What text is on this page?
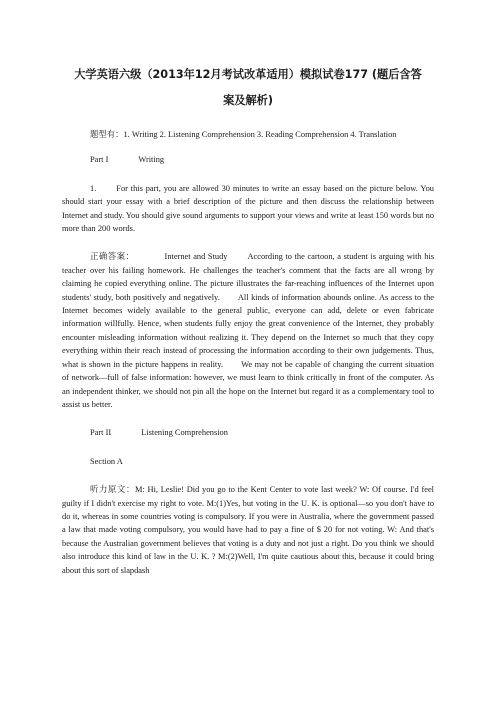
大学英语六级（2013年12月考试改革适用）模拟试卷177 (题后含答
案及解析)

题型有：1. Writing 2. Listening Comprehension 3. Reading Comprehension 4. Translation

Part I	Writing

1. For this part, you are allowed 30 minutes to write an essay based on the picture below. You should start your essay with a brief description of the picture and then discuss the relationship between Internet and study. You should give sound arguments to support your views and write at least 150 words but no more than 200 words.

正确答案：	Internet and Study According to the cartoon, a student is arguing with his teacher over his failing homework. He challenges the teacher's comment that the facts are all wrong by claiming he copied everything online. The picture illustrates the far-reaching influences of the Internet upon students' study, both positively and negatively.　　All kinds of information abounds online. As access to the Internet becomes widely available to the general public, everyone can add, delete or even fabricate information willfully. Hence, when students fully enjoy the great convenience of the Internet, they probably encounter misleading information without realizing it. They depend on the Internet so much that they copy everything within their reach instead of processing the information according to their own judgements. Thus, what is shown in the picture happens in reality.　　We may not be capable of changing the current situation of network—full of false information: however, we must learn to think critically in front of the computer. As an independent thinker, we should not pin all the hope on the Internet but regard it as a complementary tool to assist us better.

Part II	Listening Comprehension

Section A

听力原文：M: Hi, Leslie! Did you go to the Kent Center to vote last week? W: Of course. I'd feel guilty if I didn't exercise my right to vote. M:(1)Yes, but voting in the U. K. is optional—so you don't have to do it, whereas in some countries voting is compulsory. If you were in Australia, where the government passed a law that made voting compulsory, you would have had to pay a fine of $ 20 for not voting. W: And that's because the Australian government believes that voting is a duty and not just a right. Do you think we should also introduce this kind of law in the U. K. ? M:(2)Well, I'm quite cautious about this, because it could bring about this sort of slapdash
